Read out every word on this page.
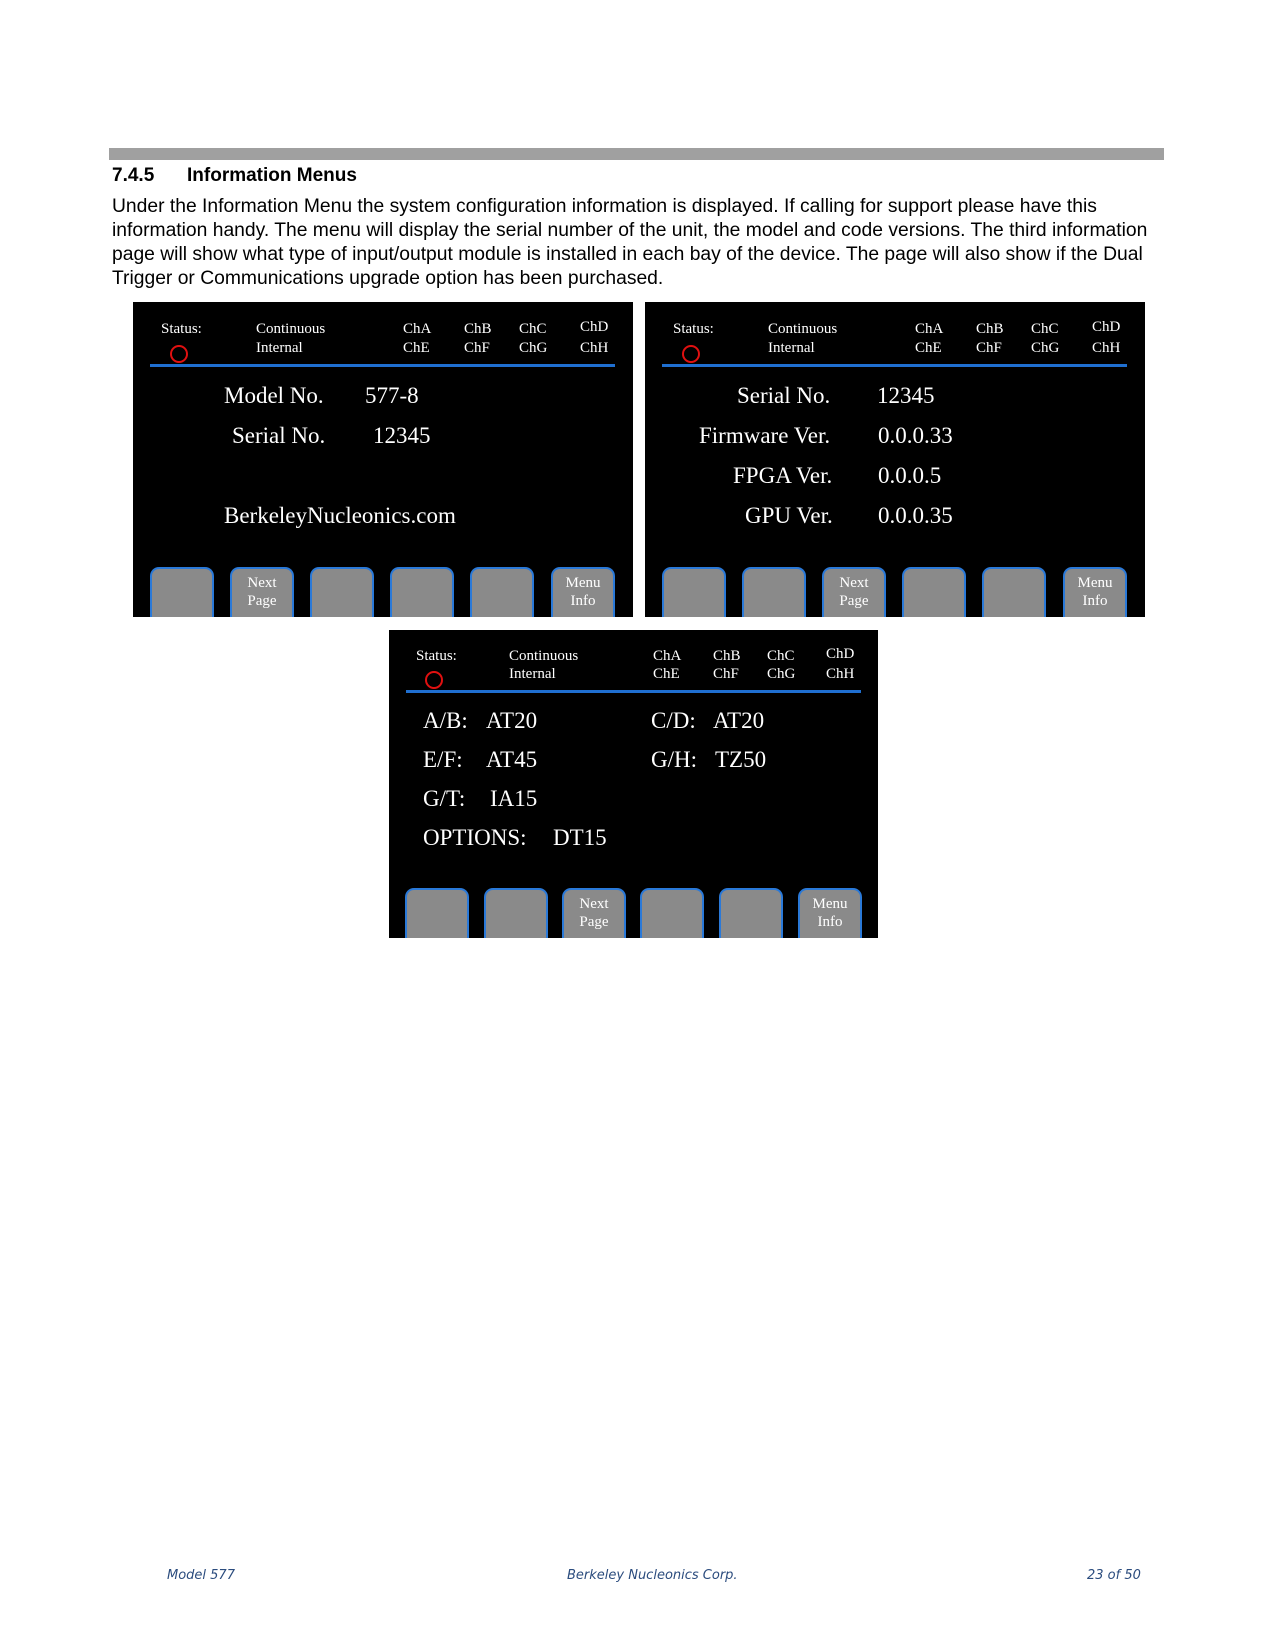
7.4.5 Information Menus
Under the Information Menu the system configuration information is displayed. If calling for support please have this information handy. The menu will display the serial number of the unit, the model and code versions. The third information page will show what type of input/output module is installed in each bay of the device. The page will also show if the Dual Trigger or Communications upgrade option has been purchased.
Status:	Continuous
Internal
ChA
ChE
ChB
ChF
ChC
ChG
ChD
ChH
Model No. 577-8
Serial No. 12345
BerkeleyNucleonics.com
Next
Page
Menu
Info
Status:	Continuous
Internal
ChA
ChE
ChB
ChF
ChC
ChG
ChD
ChH
Serial No. 12345
Firmware Ver. 0.0.0.33
FPGA Ver. 0.0.0.5
GPU Ver. 0.0.0.35
Next
Page
Menu
Info
Status:	Continuous
Internal
ChA
ChE
ChB
ChF
ChC
ChG
ChD
ChH
A/B: AT20	C/D: AT20
E/F: AT45	G/H: TZ50
G/T: IA15
OPTIONS: DT15
Next
Page
Menu
Info
Model 577	Berkeley Nucleonics Corp.	23 of 50
